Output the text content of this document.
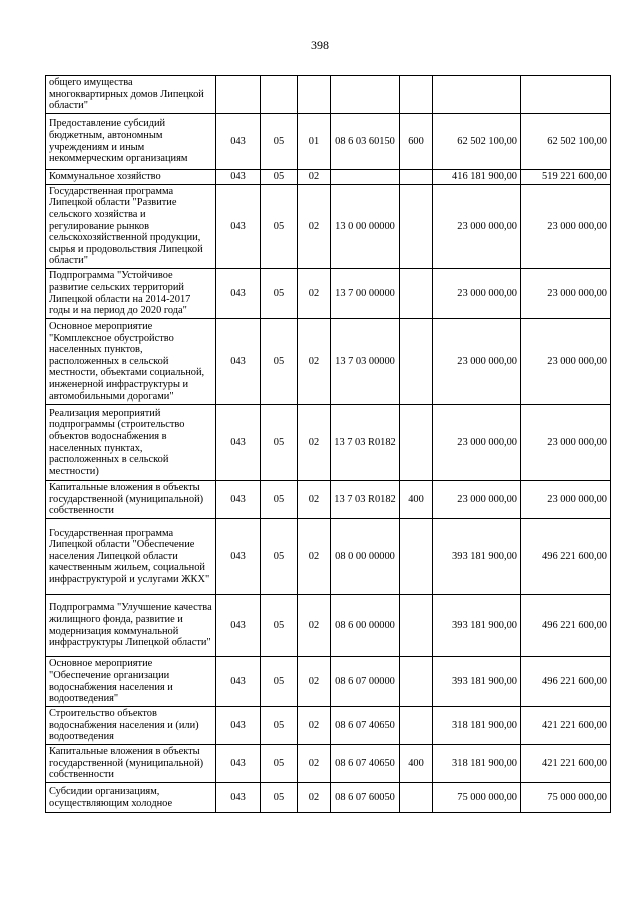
398
общего имущества многоквартирных домов Липецкой области"							
Предоставление субсидий бюджетным, автономным учреждениям и иным некоммерческим организациям	043	05	01	08 6 03 60150	600	62 502 100,00	62 502 100,00
Коммунальное хозяйство	043	05	02			416 181 900,00	519 221 600,00
Государственная программа Липецкой области "Развитие сельского хозяйства и регулирование рынков сельскохозяйственной продукции, сырья и продовольствия Липецкой области"	043	05	02	13 0 00 00000		23 000 000,00	23 000 000,00
Подпрограмма "Устойчивое развитие сельских территорий Липецкой области на 2014-2017 годы и на период до 2020 года"	043	05	02	13 7 00 00000		23 000 000,00	23 000 000,00
Основное мероприятие "Комплексное обустройство населенных пунктов, расположенных в сельской местности, объектами социальной, инженерной инфраструктуры и автомобильными дорогами"	043	05	02	13 7 03 00000		23 000 000,00	23 000 000,00
Реализация мероприятий подпрограммы (строительство объектов водоснабжения в населенных пунктах, расположенных в сельской местности)	043	05	02	13 7 03 R0182		23 000 000,00	23 000 000,00
Капитальные вложения в объекты государственной (муниципальной) собственности	043	05	02	13 7 03 R0182	400	23 000 000,00	23 000 000,00
Государственная программа Липецкой области "Обеспечение населения Липецкой области качественным жильем, социальной инфраструктурой и услугами ЖКХ"	043	05	02	08 0 00 00000		393 181 900,00	496 221 600,00
Подпрограмма "Улучшение качества жилищного фонда, развитие и модернизация коммунальной инфраструктуры Липецкой области"	043	05	02	08 6 00 00000		393 181 900,00	496 221 600,00
Основное мероприятие "Обеспечение организации водоснабжения населения и водоотведения"	043	05	02	08 6 07 00000		393 181 900,00	496 221 600,00
Строительство объектов водоснабжения населения и (или) водоотведения	043	05	02	08 6 07 40650		318 181 900,00	421 221 600,00
Капитальные вложения в объекты государственной (муниципальной) собственности	043	05	02	08 6 07 40650	400	318 181 900,00	421 221 600,00
Субсидии организациям, осуществляющим холодное	043	05	02	08 6 07 60050		75 000 000,00	75 000 000,00
